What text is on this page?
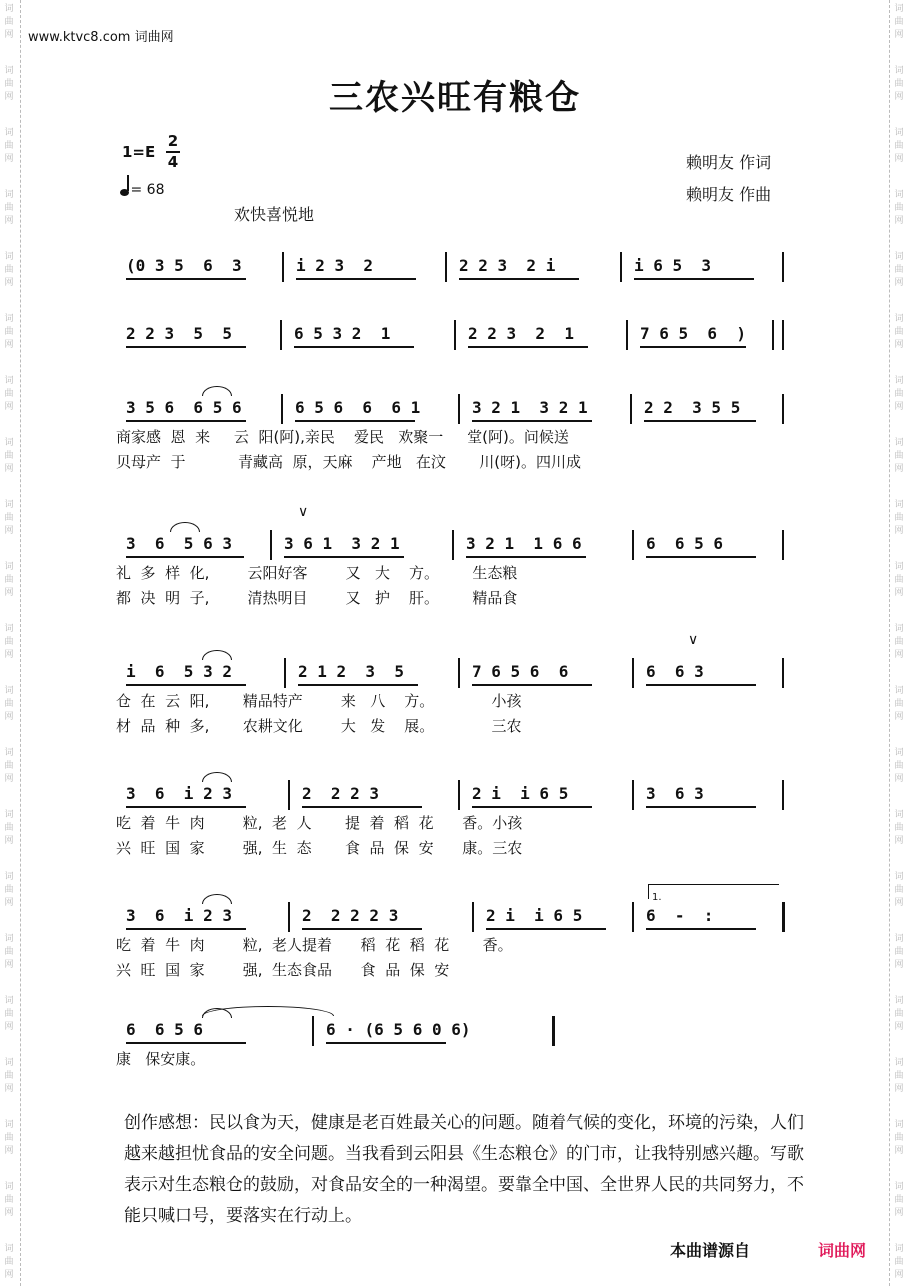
词
曲
网
词
曲
网
词
曲
网
词
曲
网
词
曲
网
词
曲
网
词
曲
网
词
曲
网
词
曲
网
词
曲
网
词
曲
网
词
曲
网
词
曲
网
词
曲
网
词
曲
网
词
曲
网
词
曲
网
词
曲
网
词
曲
网
词
曲
网
词
曲
网
词
曲
网
词
曲
网
词
曲
网
词
曲
网
词
曲
网
词
曲
网
词
曲
网
词
曲
网
词
曲
网
词
曲
网
词
曲
网
词
曲
网
词
曲
网
词
曲
网
词
曲
网
词
曲
网
词
曲
网
词
曲
网
词
曲
网
词
曲
网
词
曲
网
www.ktvc8.com 词曲网
三农兴旺有粮仓
1=E
2
4
= 68
欢快喜悦地
赖明友 作词
赖明友 作曲
(0 3 5  6  3	i 2 3  2	2 2 3  2 i	i 6 5  3
2 2 3  5  5	6 5 3 2  1	2 2 3  2  1	7 6 5  6  )
3 5 6  6 5 6	6 5 6  6  6 1	3 2 1  3 2 1	2 2  3 5 5
商家感  恩  来     云  阳(阿),亲民    爱民   欢聚一     堂(阿)。问候送
贝母产  于           青藏高  原，天麻    产地   在汶       川(呀)。四川成
3  6  5 6 3	3 6 1  3 2 1	3 2 1  1 6 6	6  6 5 6
礼  多  样  化,        云阳好客        又   大    方。       生态粮
都  决  明  子,        清热明目        又   护    肝。       精品食
∨
i  6  5 3 2	2 1 2  3  5	7 6 5 6  6	6  6 3
仓  在  云  阳,       精品特产        来   八    方。            小孩
材  品  种  多,       农耕文化        大   发    展。            三农
∨
3  6  i 2 3	2  2 2 3	2 i  i 6 5	3  6 3
吃  着  牛  肉        粒,  老  人       提  着  稻  花      香。小孩
兴  旺  国  家        强,  生  态       食  品  保  安      康。三农
3  6  i 2 3	2  2 2 2 3	2 i  i 6 5	6  -  :
吃  着  牛  肉        粒,  老人提着      稻  花  稻  花       香。
兴  旺  国  家        强,  生态食品      食  品  保  安
1.
6  6 5 6	6 · (6 5 6 0 6)
康   保安康。
创作感想：民以食为天，健康是老百姓最关心的问题。随着气候的变化，环境的污染，人们越来越担忧食品的安全问题。当我看到云阳县《生态粮仓》的门市，让我特别感兴趣。写歌表示对生态粮仓的鼓励，对食品安全的一种渴望。要靠全中国、全世界人民的共同努力，不能只喊口号，要落实在行动上。
本曲谱源自	词曲网
